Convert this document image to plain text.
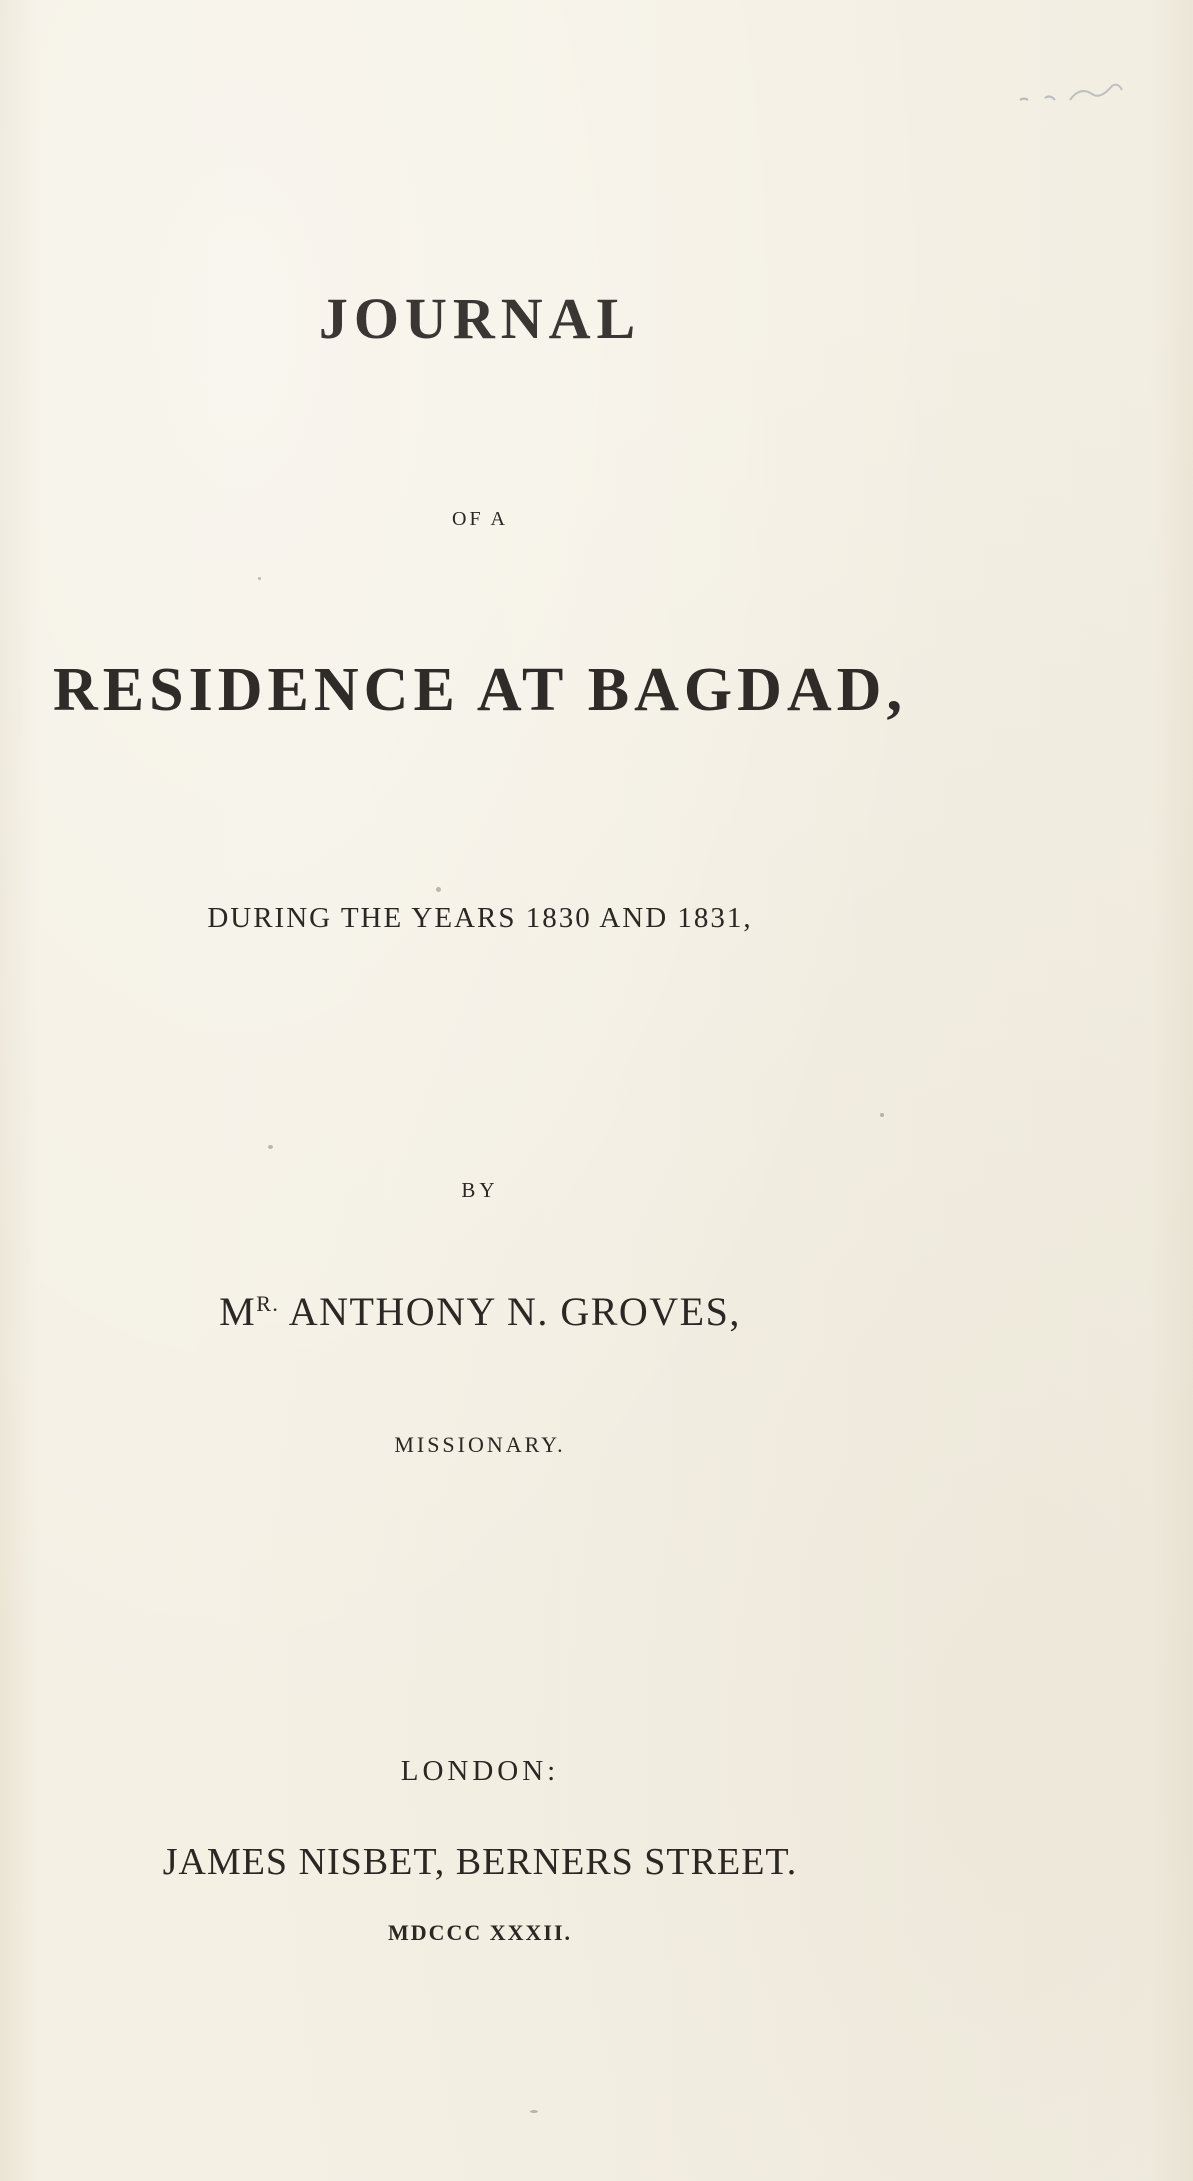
JOURNAL

OF A

RESIDENCE AT BAGDAD,

DURING THE YEARS 1830 AND 1831,

BY

$M^{R.}$ ANTHONY N. GROVES,

MISSIONARY.

LONDON:

JAMES NISBET, BERNERS STREET.

MDCCC XXXII.
